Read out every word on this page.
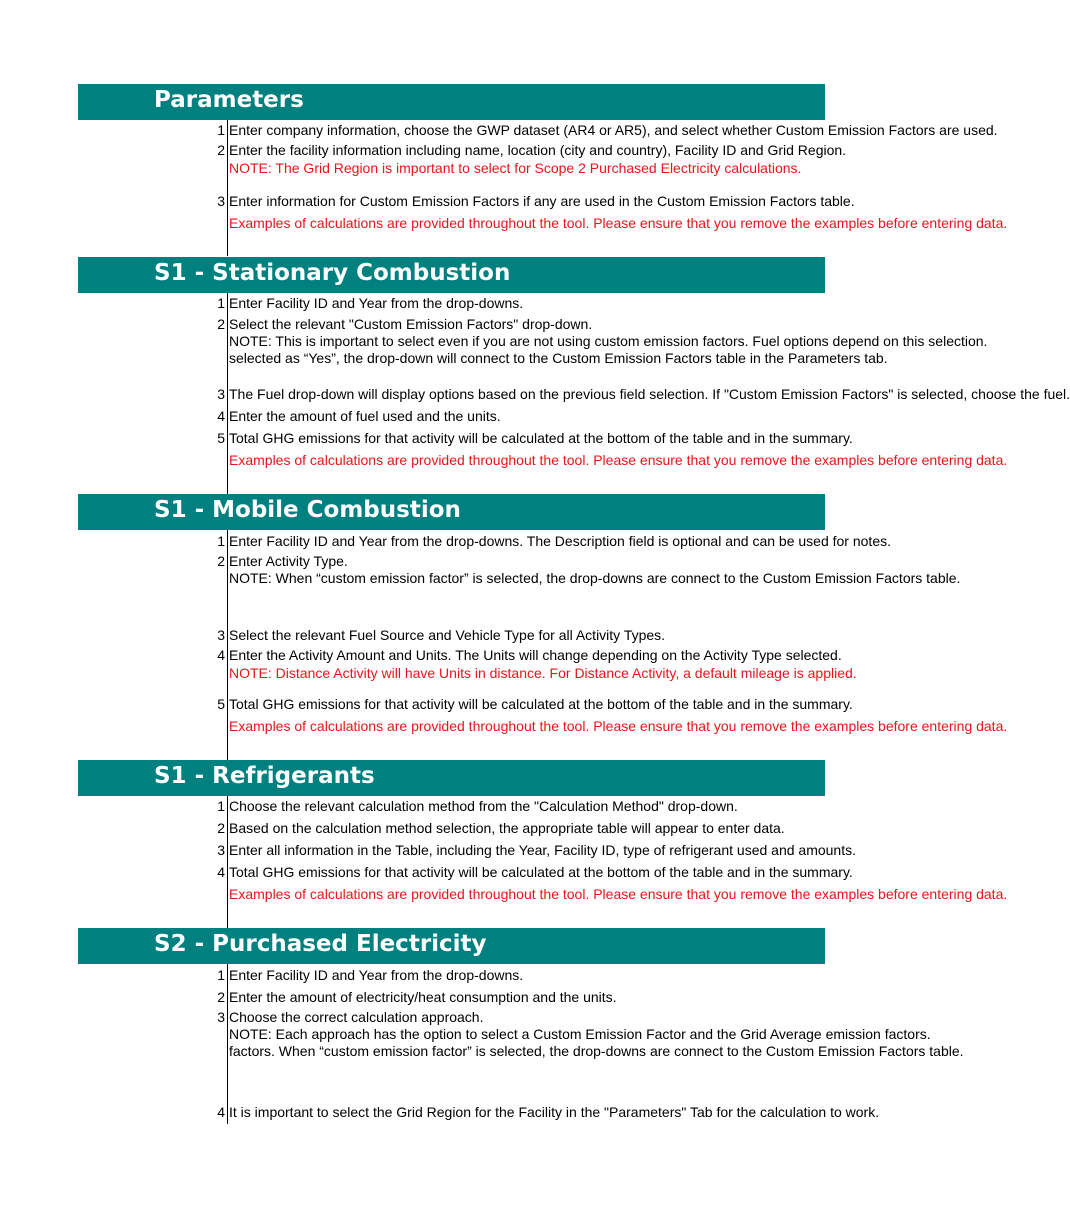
Parameters
1 Enter company information, choose the GWP dataset (AR4 or AR5), and select whether Custom Emission Factors are used.
2 Enter the facility information including name, location (city and country), Facility ID and Grid Region.
NOTE: The Grid Region is important to select for Scope 2 Purchased Electricity calculations.
3 Enter information for Custom Emission Factors if any are used in the Custom Emission Factors table.
Examples of calculations are provided throughout the tool. Please ensure that you remove the examples before entering data.
S1 - Stationary Combustion
1 Enter Facility ID and Year from the drop-downs.
2 Select the relevant "Custom Emission Factors" drop-down.
NOTE: This is important to select even if you are not using custom emission factors. Fuel options depend on this selection.
selected as “Yes”, the drop-down will connect to the Custom Emission Factors table in the Parameters tab.
3 The Fuel drop-down will display options based on the previous field selection. If "Custom Emission Factors" is selected, choose the fuel.
4 Enter the amount of fuel used and the units.
5 Total GHG emissions for that activity will be calculated at the bottom of the table and in the summary.
Examples of calculations are provided throughout the tool. Please ensure that you remove the examples before entering data.
S1 - Mobile Combustion
1 Enter Facility ID and Year from the drop-downs. The Description field is optional and can be used for notes.
2 Enter Activity Type.
NOTE: When “custom emission factor” is selected, the drop-downs are connect to the Custom Emission Factors table.
3 Select the relevant Fuel Source and Vehicle Type for all Activity Types.
4 Enter the Activity Amount and Units. The Units will change depending on the Activity Type selected.
NOTE: Distance Activity will have Units in distance. For Distance Activity, a default mileage is applied.
5 Total GHG emissions for that activity will be calculated at the bottom of the table and in the summary.
Examples of calculations are provided throughout the tool. Please ensure that you remove the examples before entering data.
S1 - Refrigerants
1 Choose the relevant calculation method from the "Calculation Method" drop-down.
2 Based on the calculation method selection, the appropriate table will appear to enter data.
3 Enter all information in the Table, including the Year, Facility ID, type of refrigerant used and amounts.
4 Total GHG emissions for that activity will be calculated at the bottom of the table and in the summary.
Examples of calculations are provided throughout the tool. Please ensure that you remove the examples before entering data.
S2 - Purchased Electricity
1 Enter Facility ID and Year from the drop-downs.
2 Enter the amount of electricity/heat consumption and the units.
3 Choose the correct calculation approach.
NOTE: Each approach has the option to select a Custom Emission Factor and the Grid Average emission factors.
factors. When “custom emission factor” is selected, the drop-downs are connect to the Custom Emission Factors table.
4 It is important to select the Grid Region for the Facility in the "Parameters" Tab for the calculation to work.
